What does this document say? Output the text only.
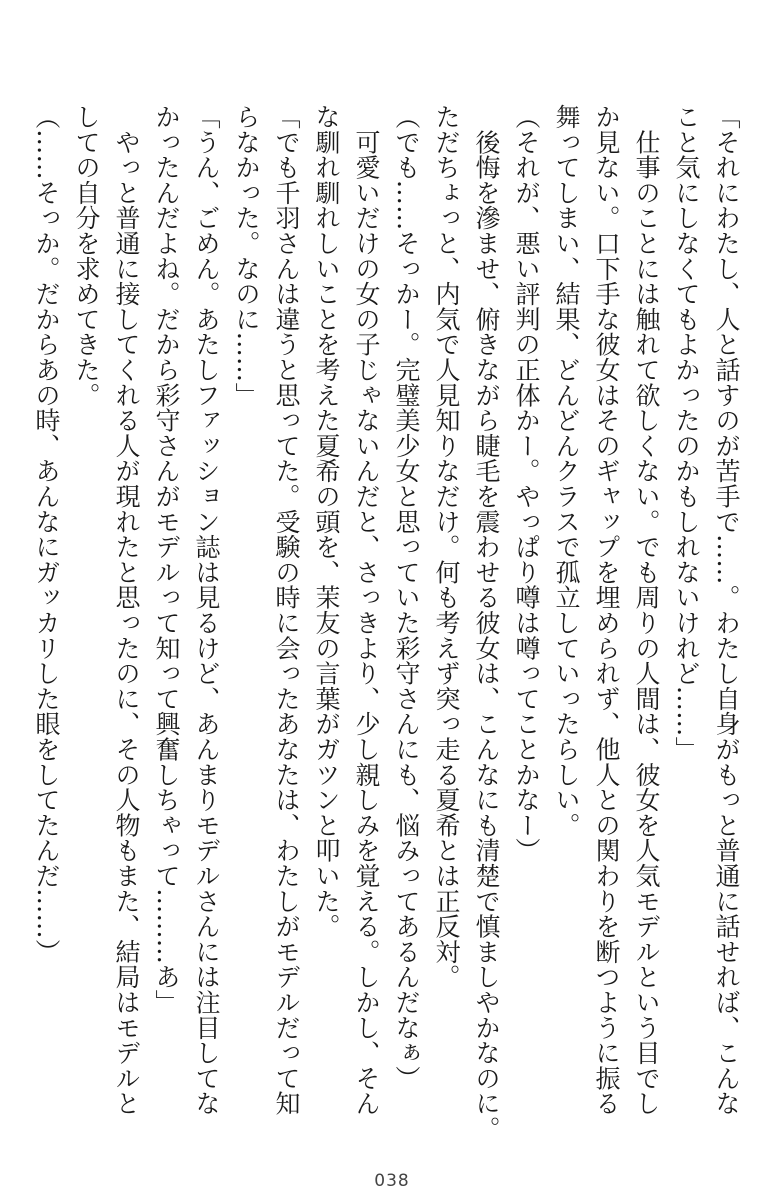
「それにわたし、人と話すのが苦手で……。わたし自身がもっと普通に話せれば、こんな

こと気にしなくてもよかったのかもしれないけれど……」

　仕事のことには触れて欲しくない。でも周りの人間は、彼女を人気モデルという目でし

か見ない。口下手な彼女はそのギャップを埋められず、他人との関わりを断つように振る

舞ってしまい、結果、どんどんクラスで孤立していったらしい。

（それが、悪い評判の正体かー。やっぱり噂は噂ってことかなー）

　後悔を滲ませ、俯きながら睫毛を震わせる彼女は、こんなにも清楚で慎ましやかなのに。

ただちょっと、内気で人見知りなだけ。何も考えず突っ走る夏希とは正反対。

（でも……そっかー。完璧美少女と思っていた彩守さんにも、悩みってあるんだなぁ）

　可愛いだけの女の子じゃないんだと、さっきより、少し親しみを覚える。しかし、そん

な馴れ馴れしいことを考えた夏希の頭を、茉友の言葉がガツンと叩いた。

「でも千羽さんは違うと思ってた。受験の時に会ったあなたは、わたしがモデルだって知

らなかった。なのに……」

「うん、ごめん。あたしファッション誌は見るけど、あんまりモデルさんには注目してな

かったんだよね。だから彩守さんがモデルって知って興奮しちゃって………あ」

　やっと普通に接してくれる人が現れたと思ったのに、その人物もまた、結局はモデルと

しての自分を求めてきた。

（……そっか。だからあの時、あんなにガッカリした眼をしてたんだ……）

038
